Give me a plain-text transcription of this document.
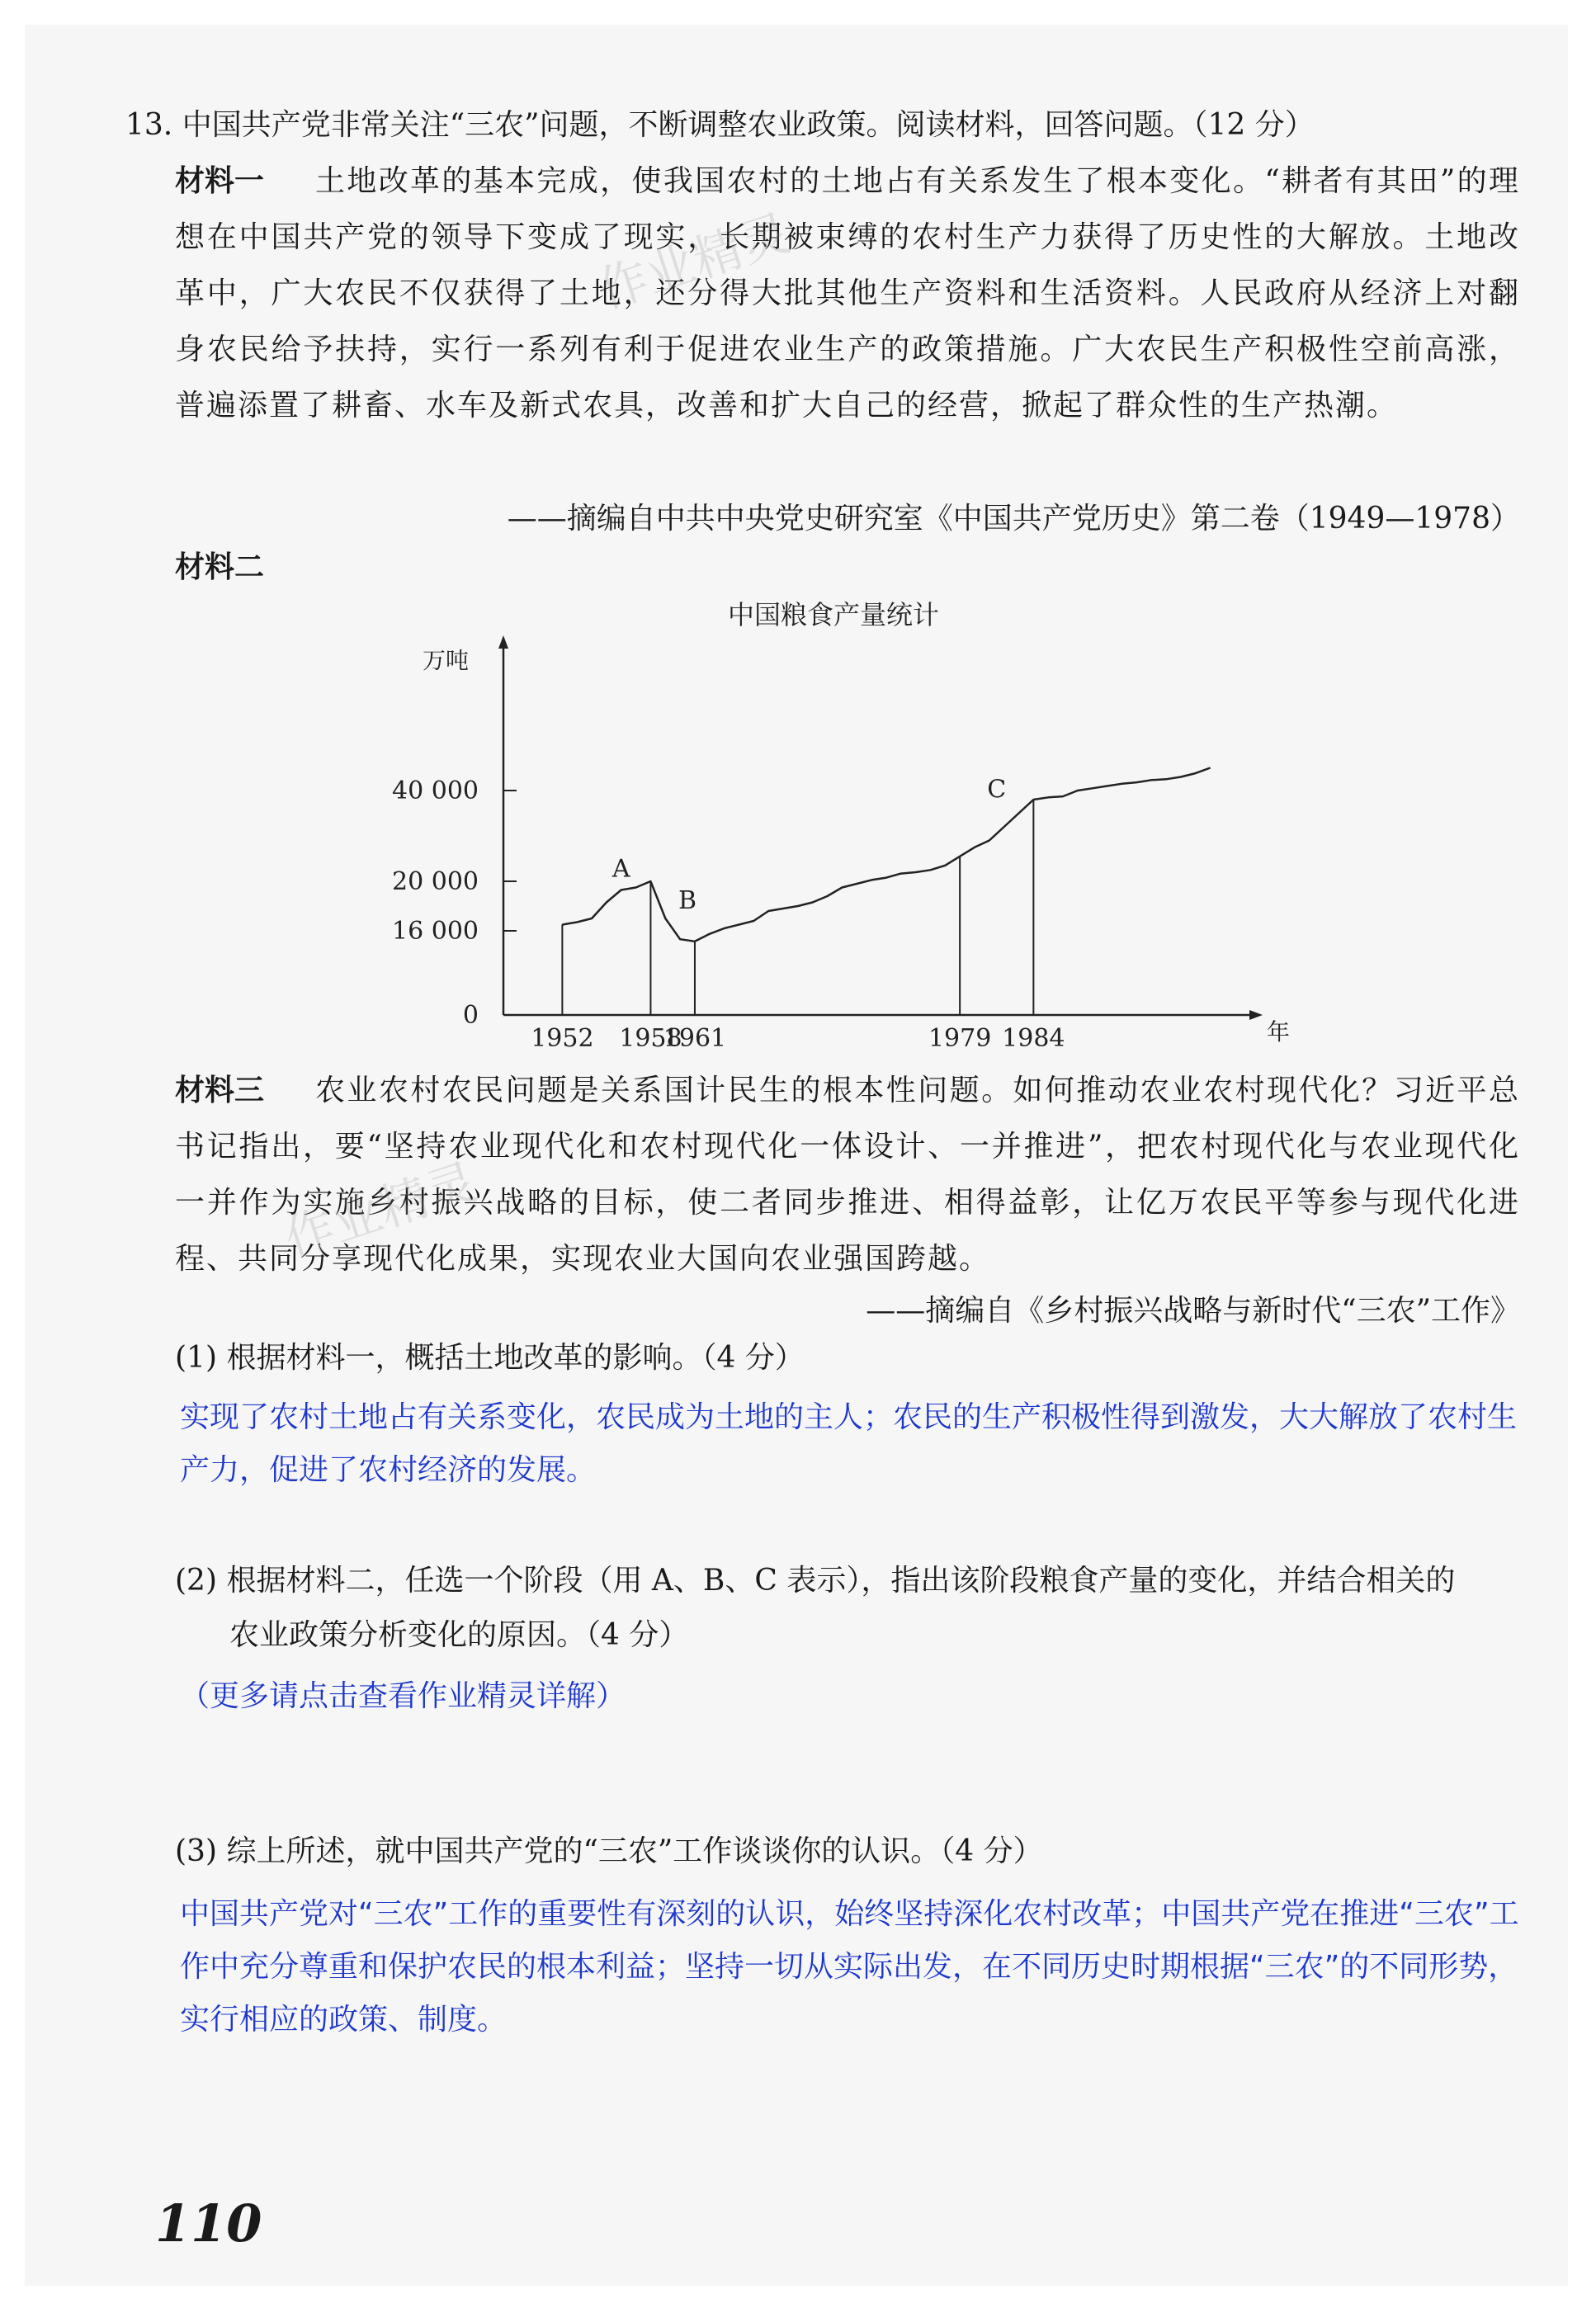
13. 中国共产党非常关注“三农”问题，不断调整农业政策。阅读材料，回答问题。（12 分）
材料一	土地改革的基本完成，使我国农村的土地占有关系发生了根本变化。“耕者有其田”的理想在中国共产党的领导下变成了现实，长期被束缚的农村生产力获得了历史性的大解放。土地改革中，广大农民不仅获得了土地，还分得大批其他生产资料和生活资料。人民政府从经济上对翻身农民给予扶持，实行一系列有利于促进农业生产的政策措施。广大农民生产积极性空前高涨，普遍添置了耕畜、水车及新式农具，改善和扩大自己的经营，掀起了群众性的生产热潮。
——摘编自中共中央党史研究室《中国共产党历史》第二卷（1949—1978）
材料二
中国粮食产量统计
万吨
年
0
16 000
20 000
40 000
1952 1958
1961	1979 1984
A
B
C
材料三	农业农村农民问题是关系国计民生的根本性问题。如何推动农业农村现代化？习近平总书记指出，要“坚持农业现代化和农村现代化一体设计、一并推进”，把农村现代化与农业现代化一并作为实施乡村振兴战略的目标，使二者同步推进、相得益彰，让亿万农民平等参与现代化进程、共同分享现代化成果，实现农业大国向农业强国跨越。
——摘编自《乡村振兴战略与新时代“三农”工作》
(1) 根据材料一，概括土地改革的影响。（4 分）
实现了农村土地占有关系变化，农民成为土地的主人；农民的生产积极性得到激发，大大解放了农村生产力，促进了农村经济的发展。
(2) 根据材料二，任选一个阶段（用 A、B、C 表示），指出该阶段粮食产量的变化，并结合相关的
农业政策分析变化的原因。（4 分）
（更多请点击查看作业精灵详解）
(3) 综上所述，就中国共产党的“三农”工作谈谈你的认识。（4 分）
中国共产党对“三农”工作的重要性有深刻的认识，始终坚持深化农村改革；中国共产党在推进“三农”工作中充分尊重和保护农民的根本利益；坚持一切从实际出发，在不同历史时期根据“三农”的不同形势，实行相应的政策、制度。
作业精灵
作业精灵
110
